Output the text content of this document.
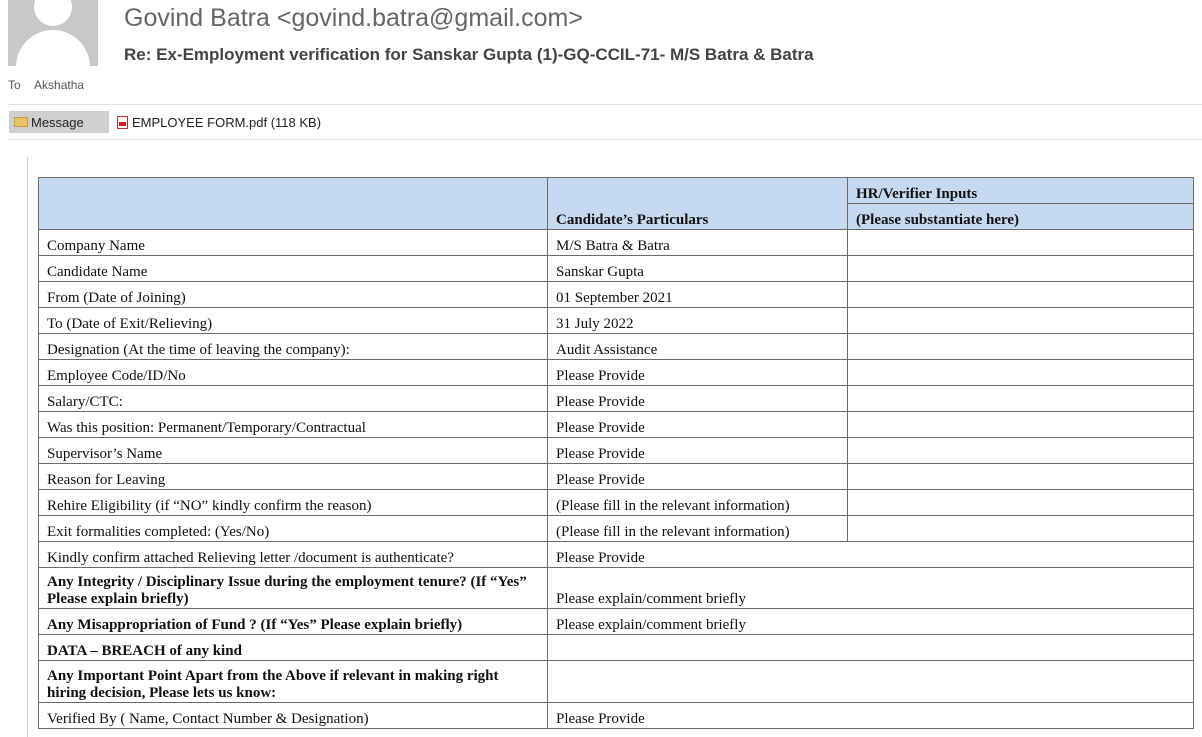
Govind Batra <govind.batra@gmail.com>
Re: Ex-Employment verification for Sanskar Gupta (1)-GQ-CCIL-71- M/S Batra & Batra
To Akshatha
Message	EMPLOYEE FORM.pdf (118 KB)
	Candidate’s Particulars	HR/Verifier Inputs
		(Please substantiate here)
Company Name	M/S Batra & Batra	
Candidate Name	Sanskar Gupta	
From (Date of Joining)	01 September 2021	
To (Date of Exit/Relieving)	31 July 2022	
Designation (At the time of leaving the company):	Audit Assistance	
Employee Code/ID/No	Please Provide	
Salary/CTC:	Please Provide	
Was this position: Permanent/Temporary/Contractual	Please Provide	
Supervisor’s Name	Please Provide	
Reason for Leaving	Please Provide	
Rehire Eligibility (if “NO” kindly confirm the reason)	(Please fill in the relevant information)	
Exit formalities completed: (Yes/No)	(Please fill in the relevant information)	
Kindly confirm attached Relieving letter /document is authenticate?	Please Provide	
Any Integrity / Disciplinary Issue during the employment tenure? (If “Yes” Please explain briefly)	Please explain/comment briefly	
Any Misappropriation of Fund ? (If “Yes” Please explain briefly)	Please explain/comment briefly	
DATA – BREACH of any kind		
Any Important Point Apart from the Above if relevant in making right hiring decision, Please lets us know:		
Verified By ( Name, Contact Number & Designation)	Please Provide	
